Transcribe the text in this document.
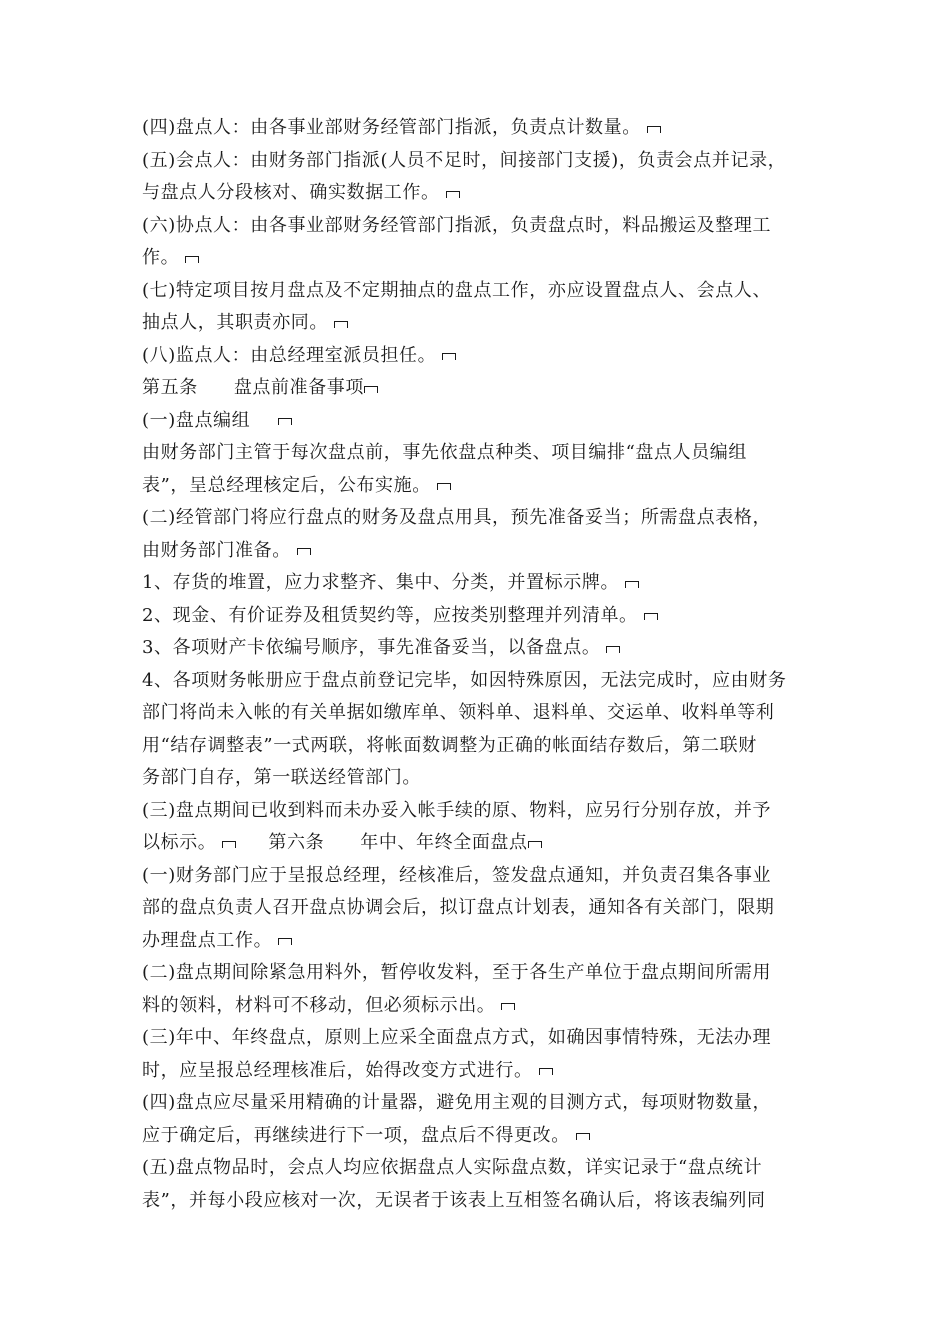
(四)盘点人：由各事业部财务经管部门指派，负责点计数量。
(五)会点人：由财务部门指派(人员不足时，间接部门支援)，负责会点并记录，
与盘点人分段核对、确实数据工作。
(六)协点人：由各事业部财务经管部门指派，负责盘点时，料品搬运及整理工
作。
(七)特定项目按月盘点及不定期抽点的盘点工作，亦应设置盘点人、会点人、
抽点人，其职责亦同。
(八)监点人：由总经理室派员担任。
第五条 盘点前准备事项
(一)盘点编组
由财务部门主管于每次盘点前，事先依盘点种类、项目编排“盘点人员编组
表”，呈总经理核定后，公布实施。
(二)经管部门将应行盘点的财务及盘点用具，预先准备妥当；所需盘点表格，
由财务部门准备。
1、存货的堆置，应力求整齐、集中、分类，并置标示牌。
2、现金、有价证券及租赁契约等，应按类别整理并列清单。
3、各项财产卡依编号顺序，事先准备妥当，以备盘点。
4、各项财务帐册应于盘点前登记完毕，如因特殊原因，无法完成时，应由财务
部门将尚未入帐的有关单据如缴库单、领料单、退料单、交运单、收料单等利
用“结存调整表”一式两联，将帐面数调整为正确的帐面结存数后，第二联财
务部门自存，第一联送经管部门。
(三)盘点期间已收到料而未办妥入帐手续的原、物料，应另行分别存放，并予
以标示。	第六条 年中、年终全面盘点
(一)财务部门应于呈报总经理，经核准后，签发盘点通知，并负责召集各事业
部的盘点负责人召开盘点协调会后，拟订盘点计划表，通知各有关部门，限期
办理盘点工作。
(二)盘点期间除紧急用料外，暂停收发料，至于各生产单位于盘点期间所需用
料的领料，材料可不移动，但必须标示出。
(三)年中、年终盘点，原则上应采全面盘点方式，如确因事情特殊，无法办理
时，应呈报总经理核准后，始得改变方式进行。
(四)盘点应尽量采用精确的计量器，避免用主观的目测方式，每项财物数量，
应于确定后，再继续进行下一项，盘点后不得更改。
(五)盘点物品时，会点人均应依据盘点人实际盘点数，详实记录于“盘点统计
表”，并每小段应核对一次，无误者于该表上互相签名确认后，将该表编列同
